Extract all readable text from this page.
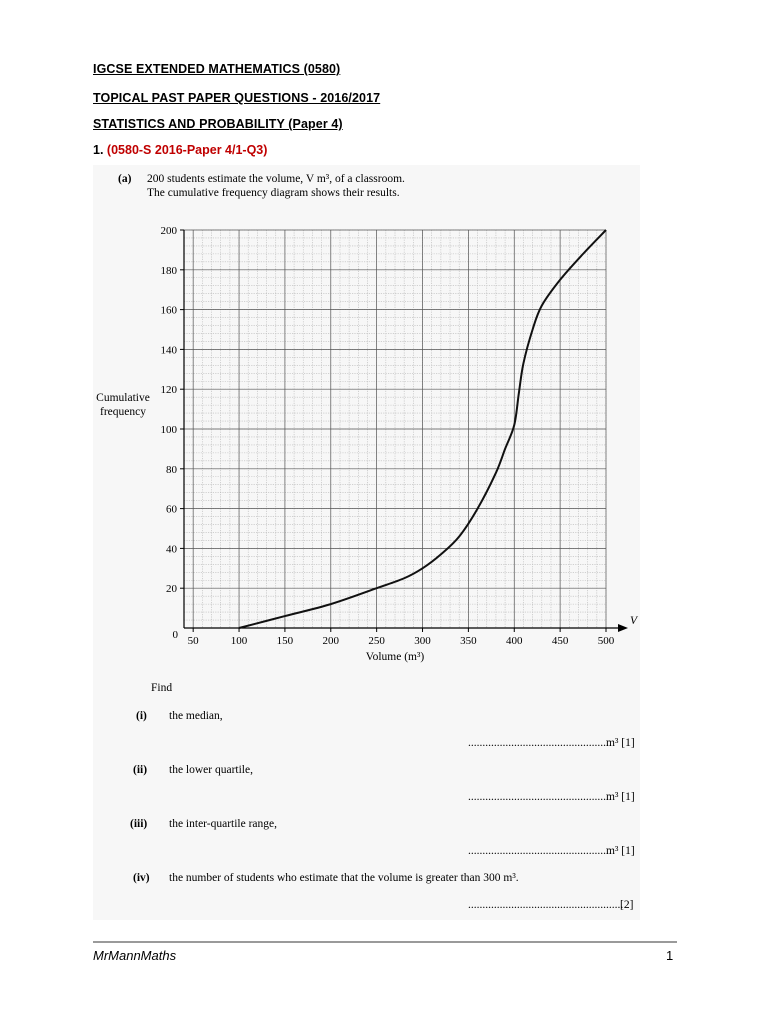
IGCSE EXTENDED MATHEMATICS (0580)
TOPICAL PAST PAPER QUESTIONS - 2016/2017
STATISTICS AND PROBABILITY (Paper 4)
1. (0580-S 2016-Paper 4/1-Q3)
(a) 200 students estimate the volume, V m³, of a classroom.
The cumulative frequency diagram shows their results.
50	100	150	200	250	300	350	400	450	500
20
40
60
80
100
120
140
160
180
200
0
V
Volume (m³)
Cumulative
frequency
Find
(i) the median,
..................................................
m³ [1]
(ii) the lower quartile,
..................................................
m³ [1]
(iii) the inter-quartile range,
..................................................
m³ [1]
(iv) the number of students who estimate that the volume is greater than 300 m³.
......................................................
[2]
MrMannMaths	1
